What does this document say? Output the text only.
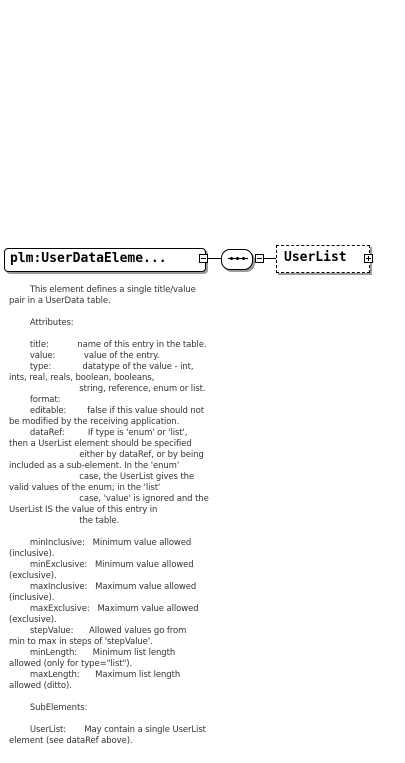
plm:UserDataEleme...	UserList

This element defines a single title/value
pair in a UserData table.

Attributes:

title:           name of this entry in the table.
value:           value of the entry.
type:            datatype of the value - int,
ints, real, reals, boolean, booleans,
string, reference, enum or list.
format:
editable:        false if this value should not
be modified by the receiving application.
dataRef:         If type is 'enum' or 'list',
then a UserList element should be specified
either by dataRef, or by being
included as a sub-element. In the 'enum'
case, the UserList gives the
valid values of the enum; in the 'list'
case, 'value' is ignored and the
UserList IS the value of this entry in
the table.

minInclusive:   Minimum value allowed
(inclusive).
minExclusive:   Minimum value allowed
(exclusive).
maxInclusive:   Maximum value allowed
(inclusive).
maxExclusive:   Maximum value allowed
(exclusive).
stepValue:      Allowed values go from
min to max in steps of 'stepValue'.
minLength:      Minimum list length
allowed (only for type="list").
maxLength:      Maximum list length
allowed (ditto).

SubElements:

UserList:       May contain a single UserList
element (see dataRef above).
